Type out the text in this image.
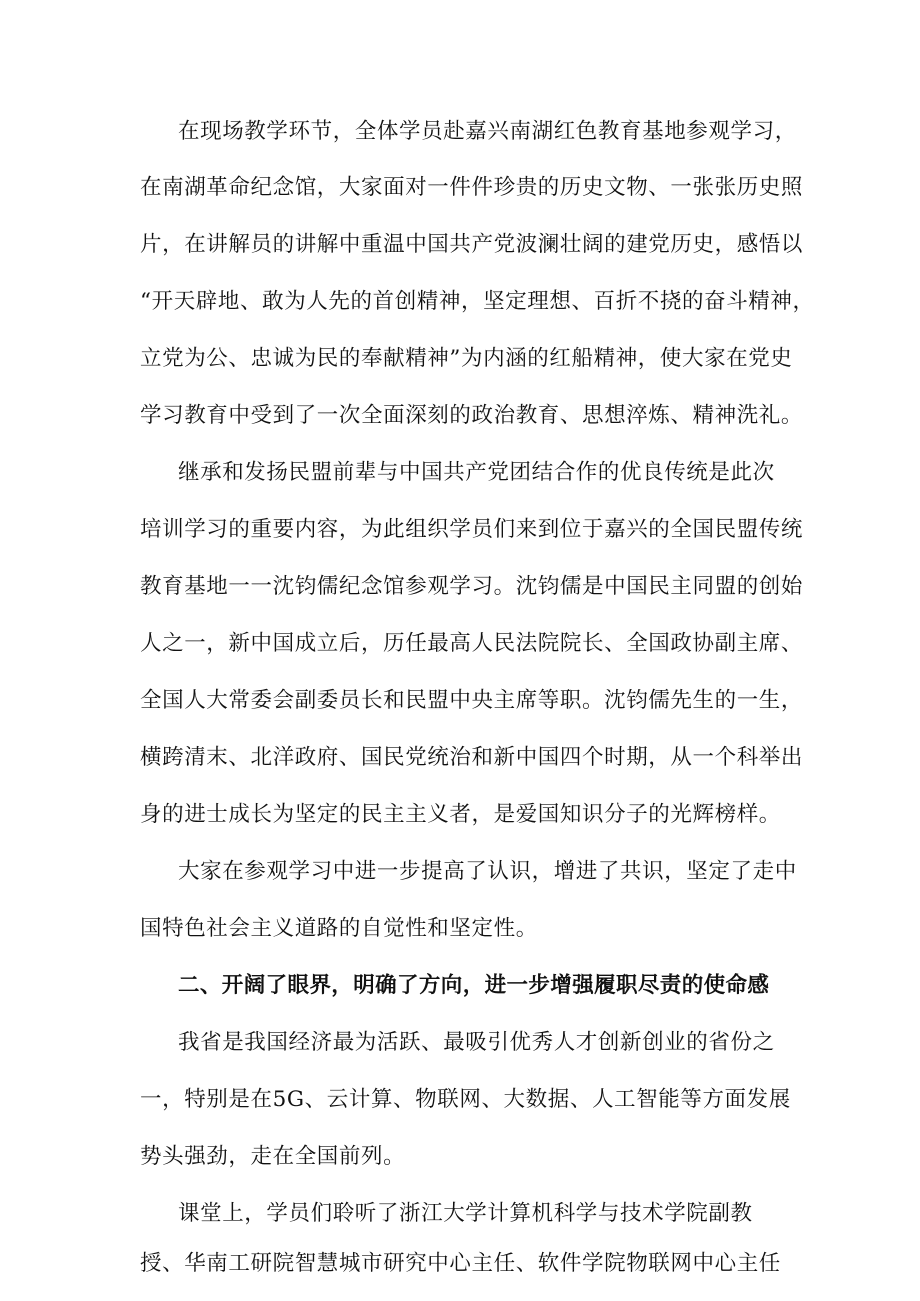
在现场教学环节，全体学员赴嘉兴南湖红色教育基地参观学习，

在南湖革命纪念馆，大家面对一件件珍贵的历史文物、一张张历史照

片，在讲解员的讲解中重温中国共产党波澜壮阔的建党历史，感悟以

“开天辟地、敢为人先的首创精神，坚定理想、百折不挠的奋斗精神，

立党为公、忠诚为民的奉献精神”为内涵的红船精神，使大家在党史

学习教育中受到了一次全面深刻的政治教育、思想淬炼、精神洗礼。

继承和发扬民盟前辈与中国共产党团结合作的优良传统是此次

培训学习的重要内容，为此组织学员们来到位于嘉兴的全国民盟传统

教育基地一一沈钧儒纪念馆参观学习。沈钧儒是中国民主同盟的创始

人之一，新中国成立后，历任最高人民法院院长、全国政协副主席、

全国人大常委会副委员长和民盟中央主席等职。沈钧儒先生的一生，

横跨清末、北洋政府、国民党统治和新中国四个时期，从一个科举出

身的进士成长为坚定的民主主义者，是爱国知识分子的光辉榜样。

大家在参观学习中进一步提高了认识，增进了共识，坚定了走中

国特色社会主义道路的自觉性和坚定性。

二、开阔了眼界，明确了方向，进一步增强履职尽责的使命感

我省是我国经济最为活跃、最吸引优秀人才创新创业的省份之

一，特别是在5G、云计算、物联网、大数据、人工智能等方面发展

势头强劲，走在全国前列。

课堂上，学员们聆听了浙江大学计算机科学与技术学院副教

授、华南工研院智慧城市研究中心主任、软件学院物联网中心主任
